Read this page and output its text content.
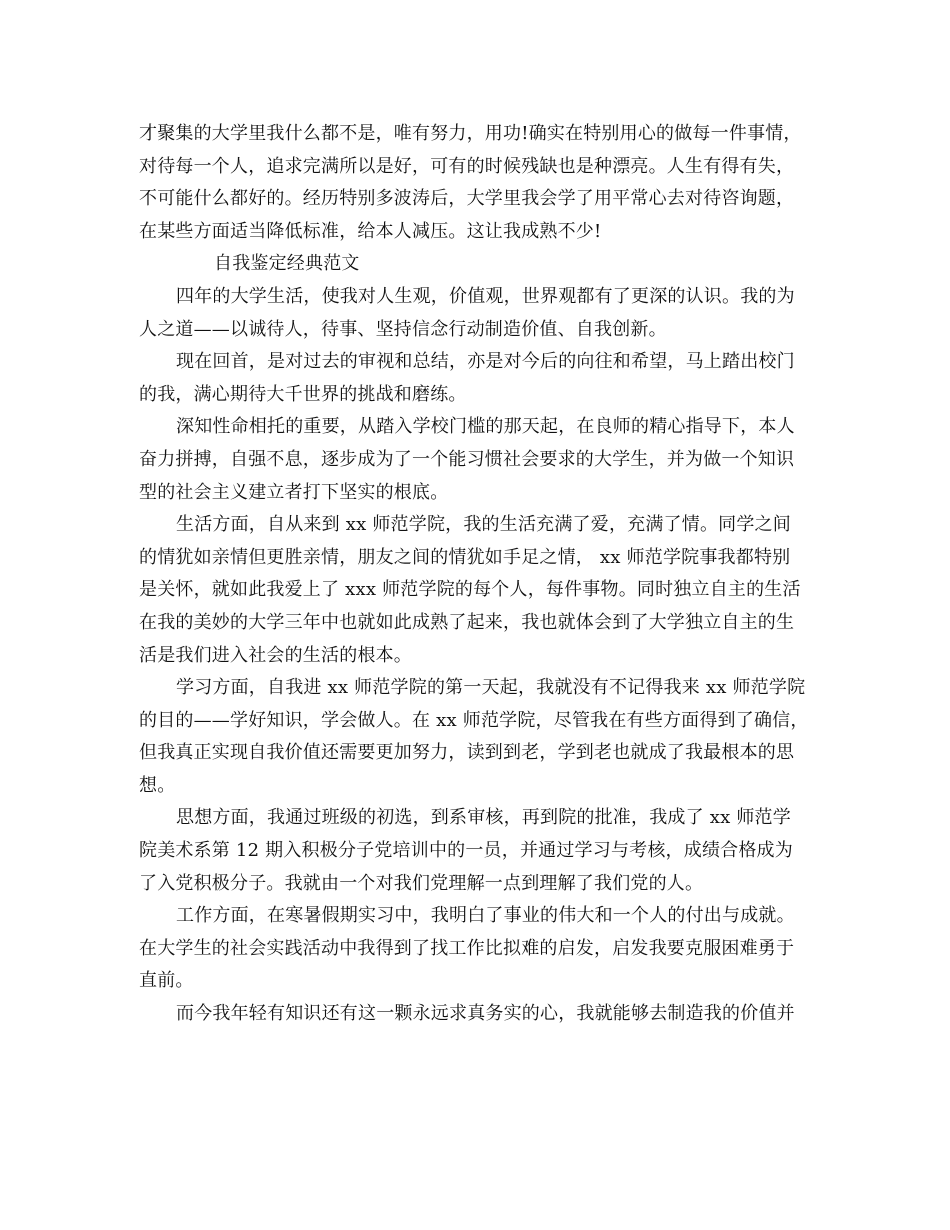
才聚集的大学里我什么都不是，唯有努力，用功!确实在特别用心的做每一件事情，
对待每一个人，追求完满所以是好，可有的时候残缺也是种漂亮。人生有得有失，
不可能什么都好的。经历特别多波涛后，大学里我会学了用平常心去对待咨询题，
在某些方面适当降低标准，给本人减压。这让我成熟不少!
自我鉴定经典范文
四年的大学生活，使我对人生观，价值观，世界观都有了更深的认识。我的为
人之道——以诚待人，待事、坚持信念行动制造价值、自我创新。
现在回首，是对过去的审视和总结，亦是对今后的向往和希望，马上踏出校门
的我，满心期待大千世界的挑战和磨练。
深知性命相托的重要，从踏入学校门槛的那天起，在良师的精心指导下，本人
奋力拼搏，自强不息，逐步成为了一个能习惯社会要求的大学生，并为做一个知识
型的社会主义建立者打下坚实的根底。
生活方面，自从来到 xx 师范学院，我的生活充满了爱，充满了情。同学之间
的情犹如亲情但更胜亲情，朋友之间的情犹如手足之情， xx 师范学院事我都特别
是关怀，就如此我爱上了 xxx 师范学院的每个人，每件事物。同时独立自主的生活
在我的美妙的大学三年中也就如此成熟了起来，我也就体会到了大学独立自主的生
活是我们进入社会的生活的根本。
学习方面，自我进 xx 师范学院的第一天起，我就没有不记得我来 xx 师范学院
的目的——学好知识，学会做人。在 xx 师范学院，尽管我在有些方面得到了确信，
但我真正实现自我价值还需要更加努力，读到到老，学到老也就成了我最根本的思
想。
思想方面，我通过班级的初选，到系审核，再到院的批准，我成了 xx 师范学
院美术系第 12 期入积极分子党培训中的一员，并通过学习与考核，成绩合格成为
了入党积极分子。我就由一个对我们党理解一点到理解了我们党的人。
工作方面，在寒暑假期实习中，我明白了事业的伟大和一个人的付出与成就。
在大学生的社会实践活动中我得到了找工作比拟难的启发，启发我要克服困难勇于
直前。
而今我年轻有知识还有这一颗永远求真务实的心，我就能够去制造我的价值并
